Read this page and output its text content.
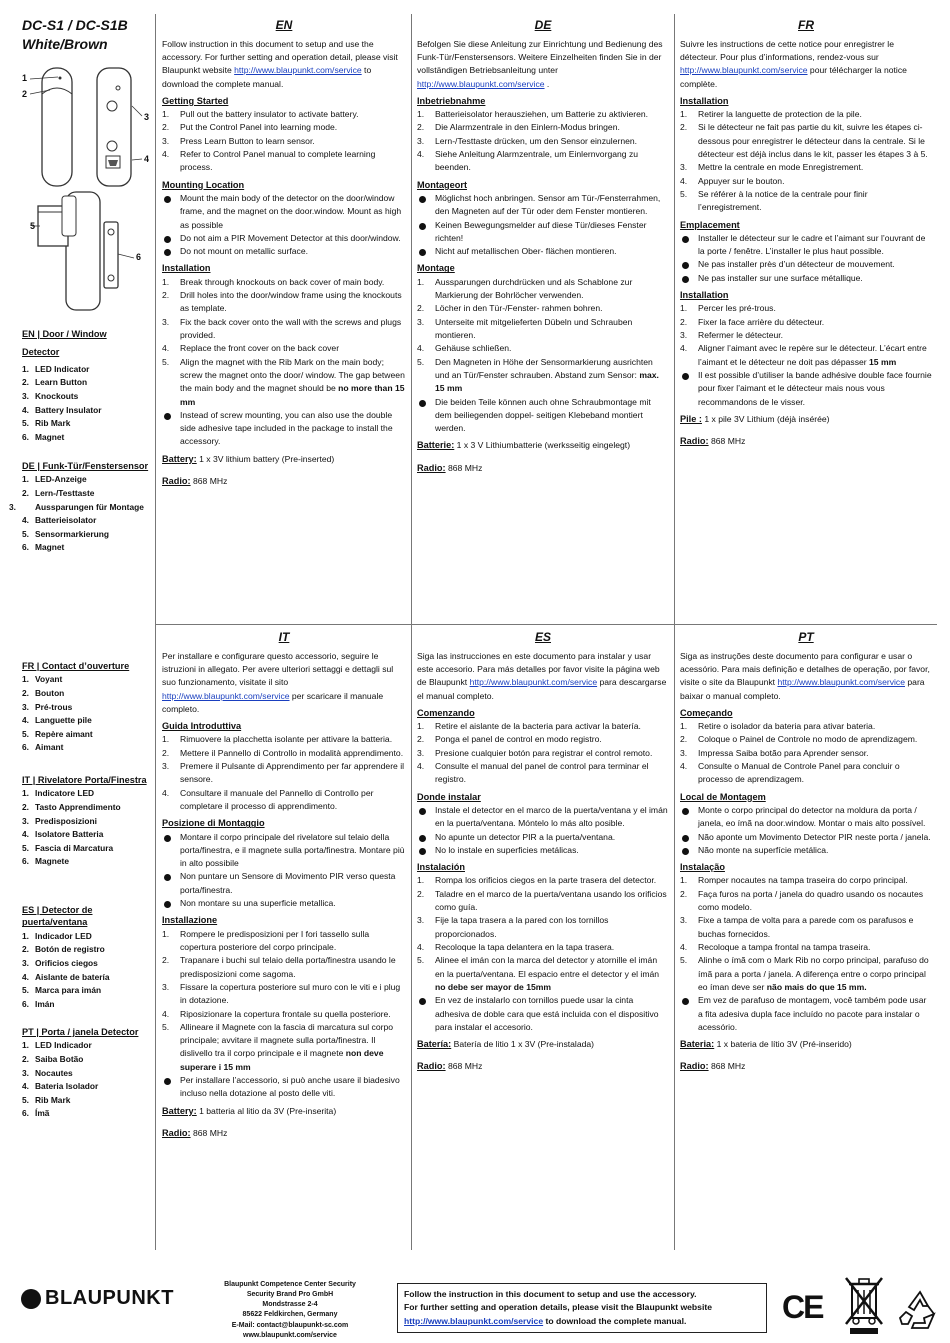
DC-S1 / DC-S1B
White/Brown
1
2
3
4
5
6
EN | Door / Window
Detector
1. LED Indicator
2. Learn Button
3. Knockouts
4. Battery Insulator
5. Rib Mark
6. Magnet
DE | Funk-Tür/Fenstersensor
1. LED-Anzeige
2. Lern-/Testtaste
3. Aussparungen für Montage
4. Batterieisolator
5. Sensormarkierung
6. Magnet
FR | Contact d’ouverture
1. Voyant
2. Bouton
3. Pré-trous
4. Languette pile
5. Repère aimant
6. Aimant
IT | Rivelatore Porta/Finestra
1. Indicatore LED
2. Tasto Apprendimento
3. Predisposizioni
4. Isolatore Batteria
5. Fascia di Marcatura
6. Magnete
ES | Detector de puerta/ventana
1. Indicador LED
2. Botón de registro
3. Orificios ciegos
4. Aislante de batería
5. Marca para imán
6. Imán
PT | Porta / janela Detector
1. LED Indicador
2. Saiba Botão
3. Nocautes
4. Bateria Isolador
5. Rib Mark
6. Ímã
EN

Follow instruction in this document to setup and use the accessory. For further setting and operation detail, please visit Blaupunkt website http://www.blaupunkt.com/service to download the complete manual.

Getting Started
1. Pull out the battery insulator to activate battery.
2. Put the Control Panel into learning mode.
3. Press Learn Button to learn sensor.
4. Refer to Control Panel manual to complete learning process.
Mounting Location
Mount the main body of the detector on the door/window frame, and the magnet on the door.window. Mount as high as possible
Do not aim a PIR Movement Detector at this door/window.
Do not mount on metallic surface.
Installation
1. Break through knockouts on back cover of main body.
2. Drill holes into the door/window frame using the knockouts as template.
3. Fix the back cover onto the wall with the screws and plugs provided.
4. Replace the front cover on the back cover
5. Align the magnet with the Rib Mark on the main body; screw the magnet onto the door/ window. The gap between the main body and the magnet should be no more than 15 mm
Instead of screw mounting, you can also use the double side adhesive tape included in the package to install the accessory.

Battery: 1 x 3V lithium battery (Pre-inserted)

Radio: 868 MHz

DE

Befolgen Sie diese Anleitung zur Einrichtung und Bedienung des Funk-Tür/Fenstersensors. Weitere Einzelheiten finden Sie in der vollständigen Betriebsanleitung unter http://www.blaupunkt.com/service .

Inbetriebnahme
1. Batterieisolator herausziehen, um Batterie zu aktivieren.
2. Die Alarmzentrale in den Einlern-Modus bringen.
3. Lern-/Testtaste drücken, um den Sensor einzulernen.
4. Siehe Anleitung Alarmzentrale, um Einlernvorgang zu beenden.
Montageort
Möglichst hoch anbringen. Sensor am Tür-/Fensterrahmen, den Magneten auf der Tür oder dem Fenster montieren.
Keinen Bewegungsmelder auf diese Tür/dieses Fenster richten!
Nicht auf metallischen Ober- flächen montieren.
Montage
1. Aussparungen durchdrücken und als Schablone zur Markierung der Bohrlöcher verwenden.
2. Löcher in den Tür-/Fenster- rahmen bohren.
3. Unterseite mit mitgelieferten Dübeln und Schrauben montieren.
4. Gehäuse schließen.
5. Den Magneten in Höhe der Sensormarkierung ausrichten und an Tür/Fenster schrauben. Abstand zum Sensor: max. 15 mm
Die beiden Teile können auch ohne Schraubmontage mit dem beiliegenden doppel- seitigen Klebeband montiert werden.

Batterie: 1 x 3 V Lithiumbatterie (werksseitig eingelegt)

Radio: 868 MHz

FR

Suivre les instructions de cette notice pour enregistrer le détecteur. Pour plus d’informations, rendez-vous sur http://www.blaupunkt.com/service pour télécharger la notice complète.

Installation
1. Retirer la languette de protection de la pile.
2. Si le détecteur ne fait pas partie du kit, suivre les étapes ci-dessous pour enregistrer le détecteur dans la centrale. Si le détecteur est déjà inclus dans le kit, passer les étapes 3 à 5.
3. Mettre la centrale en mode Enregistrement.
4. Appuyer sur le bouton.
5. Se référer à la notice de la centrale pour finir l’enregistrement.
Emplacement
Installer le détecteur sur le cadre et l’aimant sur l’ouvrant de la porte / fenêtre. L’installer le plus haut possible.
Ne pas installer près d’un détecteur de mouvement.
Ne pas installer sur une surface métallique.
Installation
1. Percer les pré-trous.
2. Fixer la face arrière du détecteur.
3. Refermer le détecteur.
4. Aligner l’aimant avec le repère sur le détecteur. L’écart entre l’aimant et le détecteur ne doit pas dépasser 15 mm
Il est possible d’utiliser la bande adhésive double face fournie pour fixer l’aimant et le détecteur mais nous vous recommandons de le visser.

Pile : 1 x pile 3V Lithium (déjà insérée)

Radio: 868 MHz

IT

Per installare e configurare questo accessorio, seguire le istruzioni in allegato. Per avere ulteriori settaggi e dettagli sul suo funzionamento, visitate il sito http://www.blaupunkt.com/service per scaricare il manuale completo.

Guida Introduttiva
1. Rimuovere la placchetta isolante per attivare la batteria.
2. Mettere il Pannello di Controllo in modalità apprendimento.
3. Premere il Pulsante di Apprendimento per far apprendere il sensore.
4. Consultare il manuale del Pannello di Controllo per completare il processo di apprendimento.
Posizione di Montaggio
Montare il corpo principale del rivelatore sul telaio della porta/finestra, e il magnete sulla porta/finestra. Montare più in alto possibile
Non puntare un Sensore di Movimento PIR verso questa porta/finestra.
Non montare su una superficie metallica.
Installazione
1. Rompere le predisposizioni per I fori tassello sulla copertura posteriore del corpo principale.
2. Trapanare i buchi sul telaio della porta/finestra usando le predisposizioni come sagoma.
3. Fissare la copertura posteriore sul muro con le viti e i plug in dotazione.
4. Riposizionare la copertura frontale su quella posteriore.
5. Allineare il Magnete con la fascia di marcatura sul corpo principale; avvitare il magnete sulla porta/finestra. Il dislivello tra il corpo principale e il magnete non deve superare i 15 mm
Per installare l’accessorio, si può anche usare il biadesivo incluso nella dotazione al posto delle viti.

Battery: 1 batteria al litio da 3V (Pre-inserita)

Radio: 868 MHz

ES

Siga las instrucciones en este documento para instalar y usar este accesorio. Para más detalles por favor visite la página web de Blaupunkt http://www.blaupunkt.com/service para descargarse el manual completo.

Comenzando
1. Retire el aislante de la bacteria para activar la batería.
2. Ponga el panel de control en modo registro.
3. Presione cualquier botón para registrar el control remoto.
4. Consulte el manual del panel de control para terminar el registro.
Donde instalar
Instale el detector en el marco de la puerta/ventana y el imán en la puerta/ventana. Móntelo lo más alto posible.
No apunte un detector PIR a la puerta/ventana.
No lo instale en superficies metálicas.
Instalación
1. Rompa los orificios ciegos en la parte trasera del detector.
2. Taladre en el marco de la puerta/ventana usando los orificios como guía.
3. Fije la tapa trasera a la pared con los tornillos proporcionados.
4. Recoloque la tapa delantera en la tapa trasera.
5. Alinee el imán con la marca del detector y atornille el imán en la puerta/ventana. El espacio entre el detector y el imán no debe ser mayor de 15mm
En vez de instalarlo con tornillos puede usar la cinta adhesiva de doble cara que está incluida con el dispositivo para instalar el accesorio.

Batería: Batería de litio 1 x 3V (Pre-instalada)

Radio: 868 MHz

PT

Siga as instruções deste documento para configurar e usar o acessório. Para mais definição e detalhes de operação, por favor, visite o site da Blaupunkt http://www.blaupunkt.com/service para baixar o manual completo.

Começando
1. Retire o isolador da bateria para ativar bateria.
2. Coloque o Painel de Controle no modo de aprendizagem.
3. Impressa Saiba botão para Aprender sensor.
4. Consulte o Manual de Controle Panel para concluir o processo de aprendizagem.
Local de Montagem
Monte o corpo principal do detector na moldura da porta / janela, eo ímã na door.window. Montar o mais alto possível.
Não aponte um Movimento Detector PIR neste porta / janela.
Não monte na superfície metálica.
Instalação
1. Romper nocautes na tampa traseira do corpo principal.
2. Faça furos na porta / janela do quadro usando os nocautes como modelo.
3. Fixe a tampa de volta para a parede com os parafusos e buchas fornecidos.
4. Recoloque a tampa frontal na tampa traseira.
5. Alinhe o ímã com o Mark Rib no corpo principal, parafuso do ímã para a porta / janela. A diferença entre o corpo principal eo íman deve ser não mais do que 15 mm.
Em vez de parafuso de montagem, você também pode usar a fita adesiva dupla face incluído no pacote para instalar o acessório.

Bateria: 1 x bateria de lítio 3V (Pré-inserido)

Radio: 868 MHz

BLAUPUNKT
Blaupunkt Competence Center Security
Security Brand Pro GmbH
Mondstrasse 2-4
85622 Feldkirchen, Germany
E-Mail: contact@blaupunkt-sc.com
www.blaupunkt.com/service
Follow the instruction in this document to setup and use the accessory.
For further setting and operation details, please visit the Blaupunkt website
http://www.blaupunkt.com/service to download the complete manual.	CE
